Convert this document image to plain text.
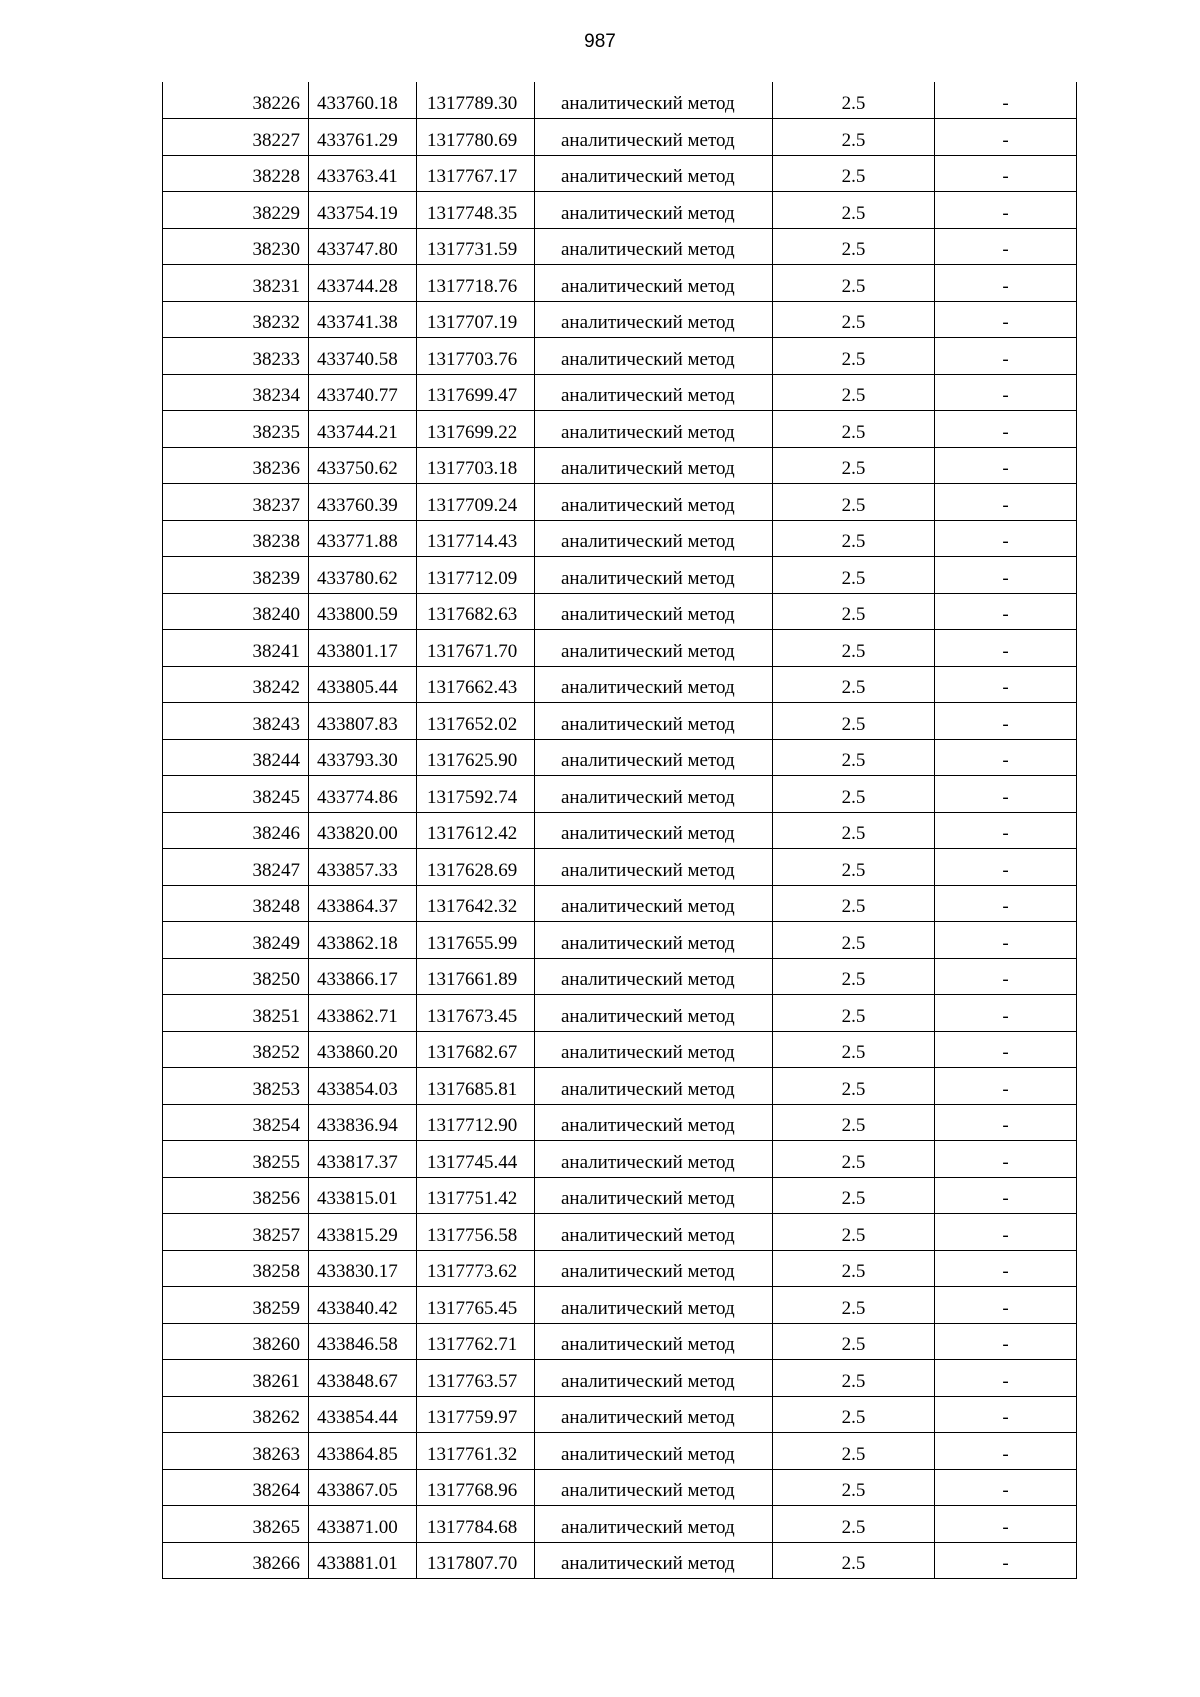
987
38226	433760.18	1317789.30	аналитический метод	2.5	-
38227	433761.29	1317780.69	аналитический метод	2.5	-
38228	433763.41	1317767.17	аналитический метод	2.5	-
38229	433754.19	1317748.35	аналитический метод	2.5	-
38230	433747.80	1317731.59	аналитический метод	2.5	-
38231	433744.28	1317718.76	аналитический метод	2.5	-
38232	433741.38	1317707.19	аналитический метод	2.5	-
38233	433740.58	1317703.76	аналитический метод	2.5	-
38234	433740.77	1317699.47	аналитический метод	2.5	-
38235	433744.21	1317699.22	аналитический метод	2.5	-
38236	433750.62	1317703.18	аналитический метод	2.5	-
38237	433760.39	1317709.24	аналитический метод	2.5	-
38238	433771.88	1317714.43	аналитический метод	2.5	-
38239	433780.62	1317712.09	аналитический метод	2.5	-
38240	433800.59	1317682.63	аналитический метод	2.5	-
38241	433801.17	1317671.70	аналитический метод	2.5	-
38242	433805.44	1317662.43	аналитический метод	2.5	-
38243	433807.83	1317652.02	аналитический метод	2.5	-
38244	433793.30	1317625.90	аналитический метод	2.5	-
38245	433774.86	1317592.74	аналитический метод	2.5	-
38246	433820.00	1317612.42	аналитический метод	2.5	-
38247	433857.33	1317628.69	аналитический метод	2.5	-
38248	433864.37	1317642.32	аналитический метод	2.5	-
38249	433862.18	1317655.99	аналитический метод	2.5	-
38250	433866.17	1317661.89	аналитический метод	2.5	-
38251	433862.71	1317673.45	аналитический метод	2.5	-
38252	433860.20	1317682.67	аналитический метод	2.5	-
38253	433854.03	1317685.81	аналитический метод	2.5	-
38254	433836.94	1317712.90	аналитический метод	2.5	-
38255	433817.37	1317745.44	аналитический метод	2.5	-
38256	433815.01	1317751.42	аналитический метод	2.5	-
38257	433815.29	1317756.58	аналитический метод	2.5	-
38258	433830.17	1317773.62	аналитический метод	2.5	-
38259	433840.42	1317765.45	аналитический метод	2.5	-
38260	433846.58	1317762.71	аналитический метод	2.5	-
38261	433848.67	1317763.57	аналитический метод	2.5	-
38262	433854.44	1317759.97	аналитический метод	2.5	-
38263	433864.85	1317761.32	аналитический метод	2.5	-
38264	433867.05	1317768.96	аналитический метод	2.5	-
38265	433871.00	1317784.68	аналитический метод	2.5	-
38266	433881.01	1317807.70	аналитический метод	2.5	-
